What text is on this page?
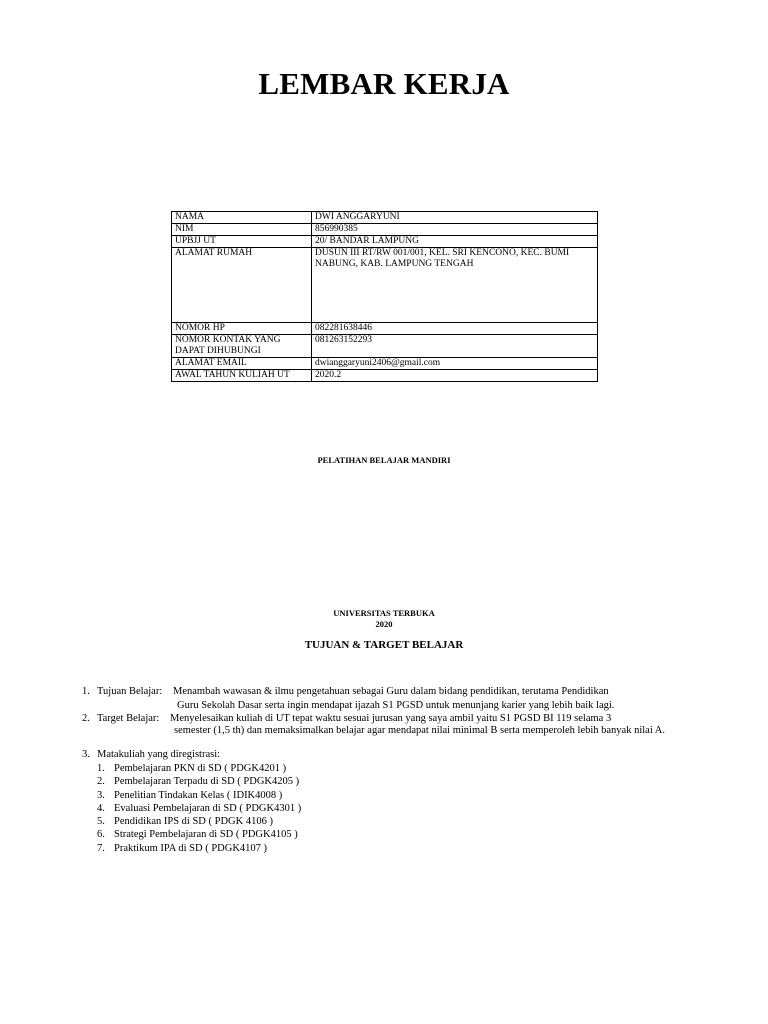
LEMBAR KERJA
NAMA	DWI ANGGARYUNI
NIM	856990385
UPBJJ UT	20/ BANDAR LAMPUNG
ALAMAT RUMAH	DUSUN III RT/RW 001/001, KEL. SRI KENCONO, KEC. BUMI NABUNG, KAB. LAMPUNG TENGAH
NOMOR HP	082281638446
NOMOR KONTAK YANG DAPAT DIHUBUNGI	081263152293
ALAMAT EMAIL	dwianggaryuni2406@gmail.com
AWAL TAHUN KULIAH UT	2020.2
PELATIHAN BELAJAR MANDIRI
UNIVERSITAS TERBUKA
2020
TUJUAN & TARGET BELAJAR
1. Tujuan Belajar: Menambah wawasan & ilmu pengetahuan sebagai Guru dalam bidang pendidikan, terutama Pendidikan
Guru Sekolah Dasar serta ingin mendapat ijazah S1 PGSD untuk menunjang karier yang lebih baik lagi.
2. Target Belajar: Menyelesaikan kuliah di UT tepat waktu sesuai jurusan yang saya ambil yaitu S1 PGSD BI 119 selama 3
semester (1,5 th) dan memaksimalkan belajar agar mendapat nilai minimal B serta memperoleh lebih banyak nilai A.
3. Matakuliah yang diregistrasi:
1. Pembelajaran PKN di SD ( PDGK4201 )
2. Pembelajaran Terpadu di SD ( PDGK4205 )
3. Penelitian Tindakan Kelas ( IDIK4008 )
4. Evaluasi Pembelajaran di SD ( PDGK4301 )
5. Pendidikan IPS di SD ( PDGK 4106 )
6. Strategi Pembelajaran di SD ( PDGK4105 )
7. Praktikum IPA di SD ( PDGK4107 )
